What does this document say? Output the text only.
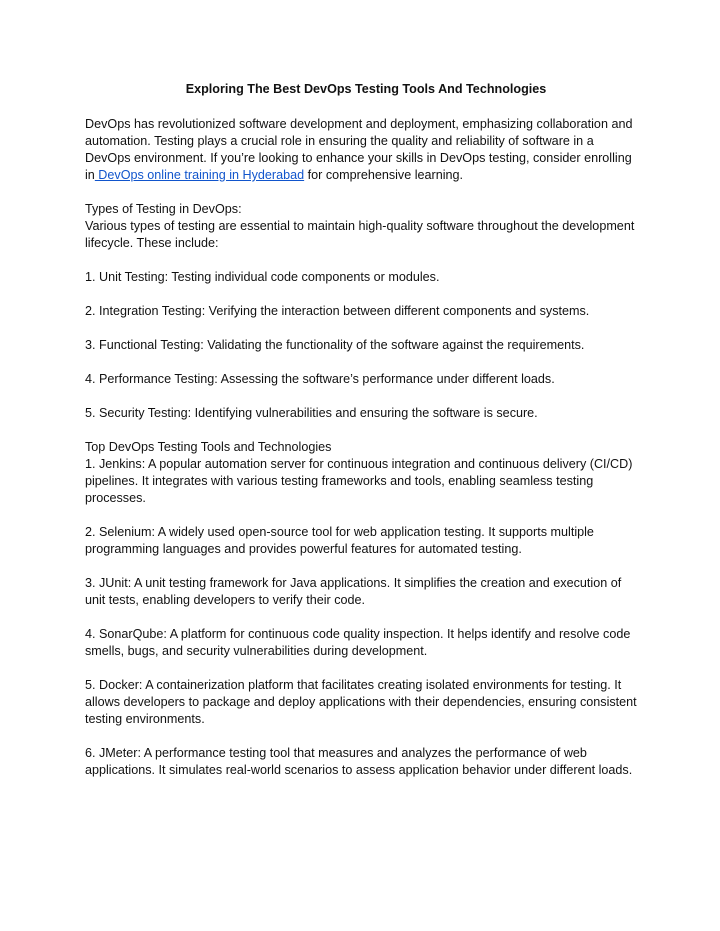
Exploring The Best DevOps Testing Tools And Technologies

DevOps has revolutionized software development and deployment, emphasizing collaboration and automation. Testing plays a crucial role in ensuring the quality and reliability of software in a DevOps environment. If you’re looking to enhance your skills in DevOps testing, consider enrolling in DevOps online training in Hyderabad for comprehensive learning.

Types of Testing in DevOps:
Various types of testing are essential to maintain high-quality software throughout the development lifecycle. These include:

1. Unit Testing: Testing individual code components or modules.

2. Integration Testing: Verifying the interaction between different components and systems.

3. Functional Testing: Validating the functionality of the software against the requirements.

4. Performance Testing: Assessing the software’s performance under different loads.

5. Security Testing: Identifying vulnerabilities and ensuring the software is secure.

Top DevOps Testing Tools and Technologies
1. Jenkins: A popular automation server for continuous integration and continuous delivery (CI/CD) pipelines. It integrates with various testing frameworks and tools, enabling seamless testing processes.

2. Selenium: A widely used open-source tool for web application testing. It supports multiple programming languages and provides powerful features for automated testing.

3. JUnit: A unit testing framework for Java applications. It simplifies the creation and execution of unit tests, enabling developers to verify their code.

4. SonarQube: A platform for continuous code quality inspection. It helps identify and resolve code smells, bugs, and security vulnerabilities during development.

5. Docker: A containerization platform that facilitates creating isolated environments for testing. It allows developers to package and deploy applications with their dependencies, ensuring consistent testing environments.

6. JMeter: A performance testing tool that measures and analyzes the performance of web applications. It simulates real-world scenarios to assess application behavior under different loads.
